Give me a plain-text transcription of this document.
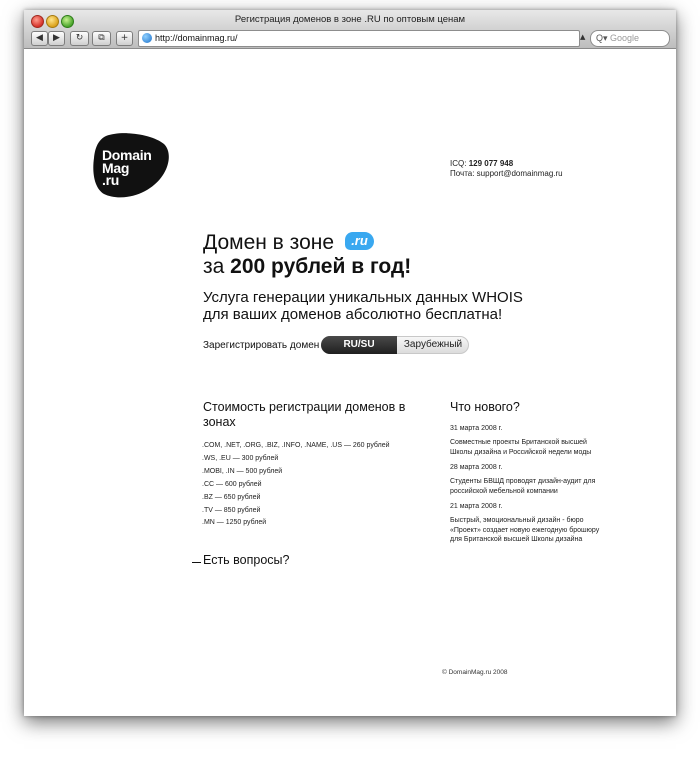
Регистрация доменов в зоне .RU по оптовым ценам
◀	▶	↻	⧉	+	http://domainmag.ru/	▲ Q▾ Google
Domain
Mag
.ru
ICQ: 129 077 948
Почта: support@domainmag.ru
Домен в зоне	.ru
за 200 рублей в год!
Услуга генерации уникальных данных WHOIS
для ваших доменов абсолютно бесплатна!
Зарегистрировать домен	RU/SU	Зарубежный
Стоимость регистрации доменов в зонах
.COM, .NET, .ORG, .BIZ, .INFO, .NAME, .US — 260 рублей
.WS, .EU — 300 рублей
.MOBI, .IN — 500 рублей
.CC — 600 рублей
.BZ — 650 рублей
.TV — 850 рублей
.MN — 1250 рублей
Есть вопросы?
Что нового?
31 марта 2008 г.
Совместные проекты Британской высшей Школы дизайна и Российской недели моды
28 марта 2008 г.
Студенты БВШД проводят дизайн-аудит для российской мебельной компании
21 марта 2008 г.
Быстрый, эмоциональный дизайн - бюро «Проект» создает новую ежегодную брошюру для Британской высшей Школы дизайна
© DomainMag.ru 2008
